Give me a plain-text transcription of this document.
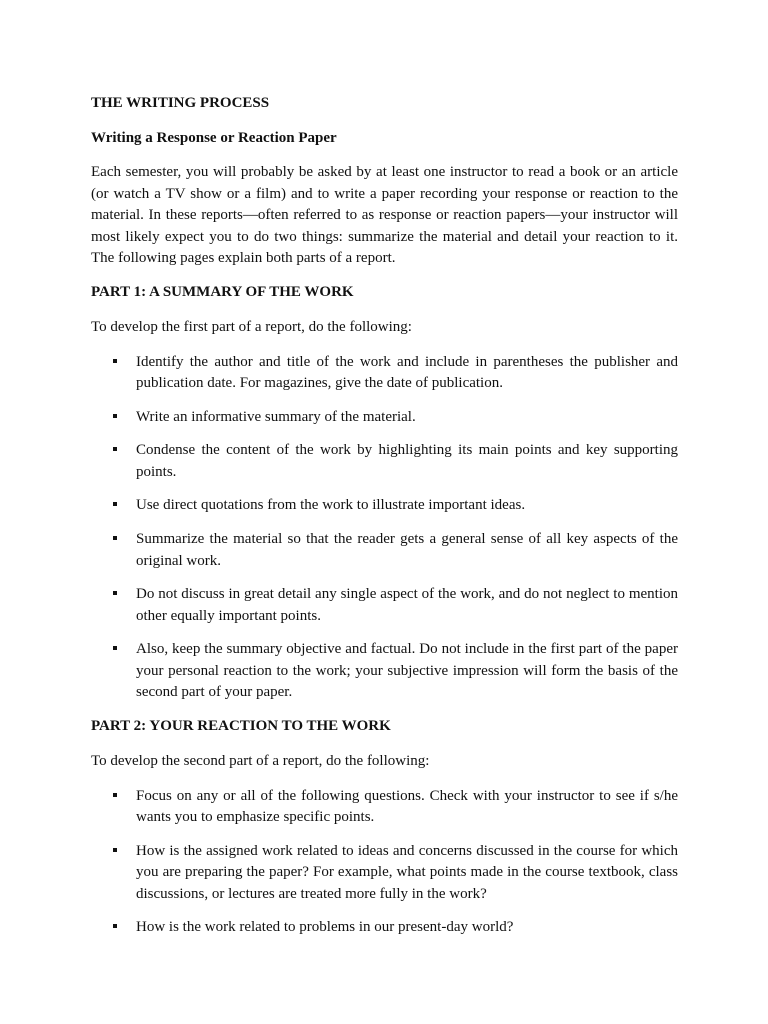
THE WRITING PROCESS
Writing a Response or Reaction Paper

Each semester, you will probably be asked by at least one instructor to read a book or an article (or watch a TV show or a film) and to write a paper recording your response or reaction to the material. In these reports—often referred to as response or reaction papers—your instructor will most likely expect you to do two things: summarize the material and detail your reaction to it. The following pages explain both parts of a report.

PART 1: A SUMMARY OF THE WORK
To develop the first part of a report, do the following:
Identify the author and title of the work and include in parentheses the publisher and publication date. For magazines, give the date of publication.
Write an informative summary of the material.
Condense the content of the work by highlighting its main points and key supporting points.
Use direct quotations from the work to illustrate important ideas.
Summarize the material so that the reader gets a general sense of all key aspects of the original work.
Do not discuss in great detail any single aspect of the work, and do not neglect to mention other equally important points.
Also, keep the summary objective and factual. Do not include in the first part of the paper your personal reaction to the work; your subjective impression will form the basis of the second part of your paper.
PART 2: YOUR REACTION TO THE WORK
To develop the second part of a report, do the following:
Focus on any or all of the following questions. Check with your instructor to see if s/he wants you to emphasize specific points.
How is the assigned work related to ideas and concerns discussed in the course for which you are preparing the paper? For example, what points made in the course textbook, class discussions, or lectures are treated more fully in the work?
How is the work related to problems in our present-day world?
